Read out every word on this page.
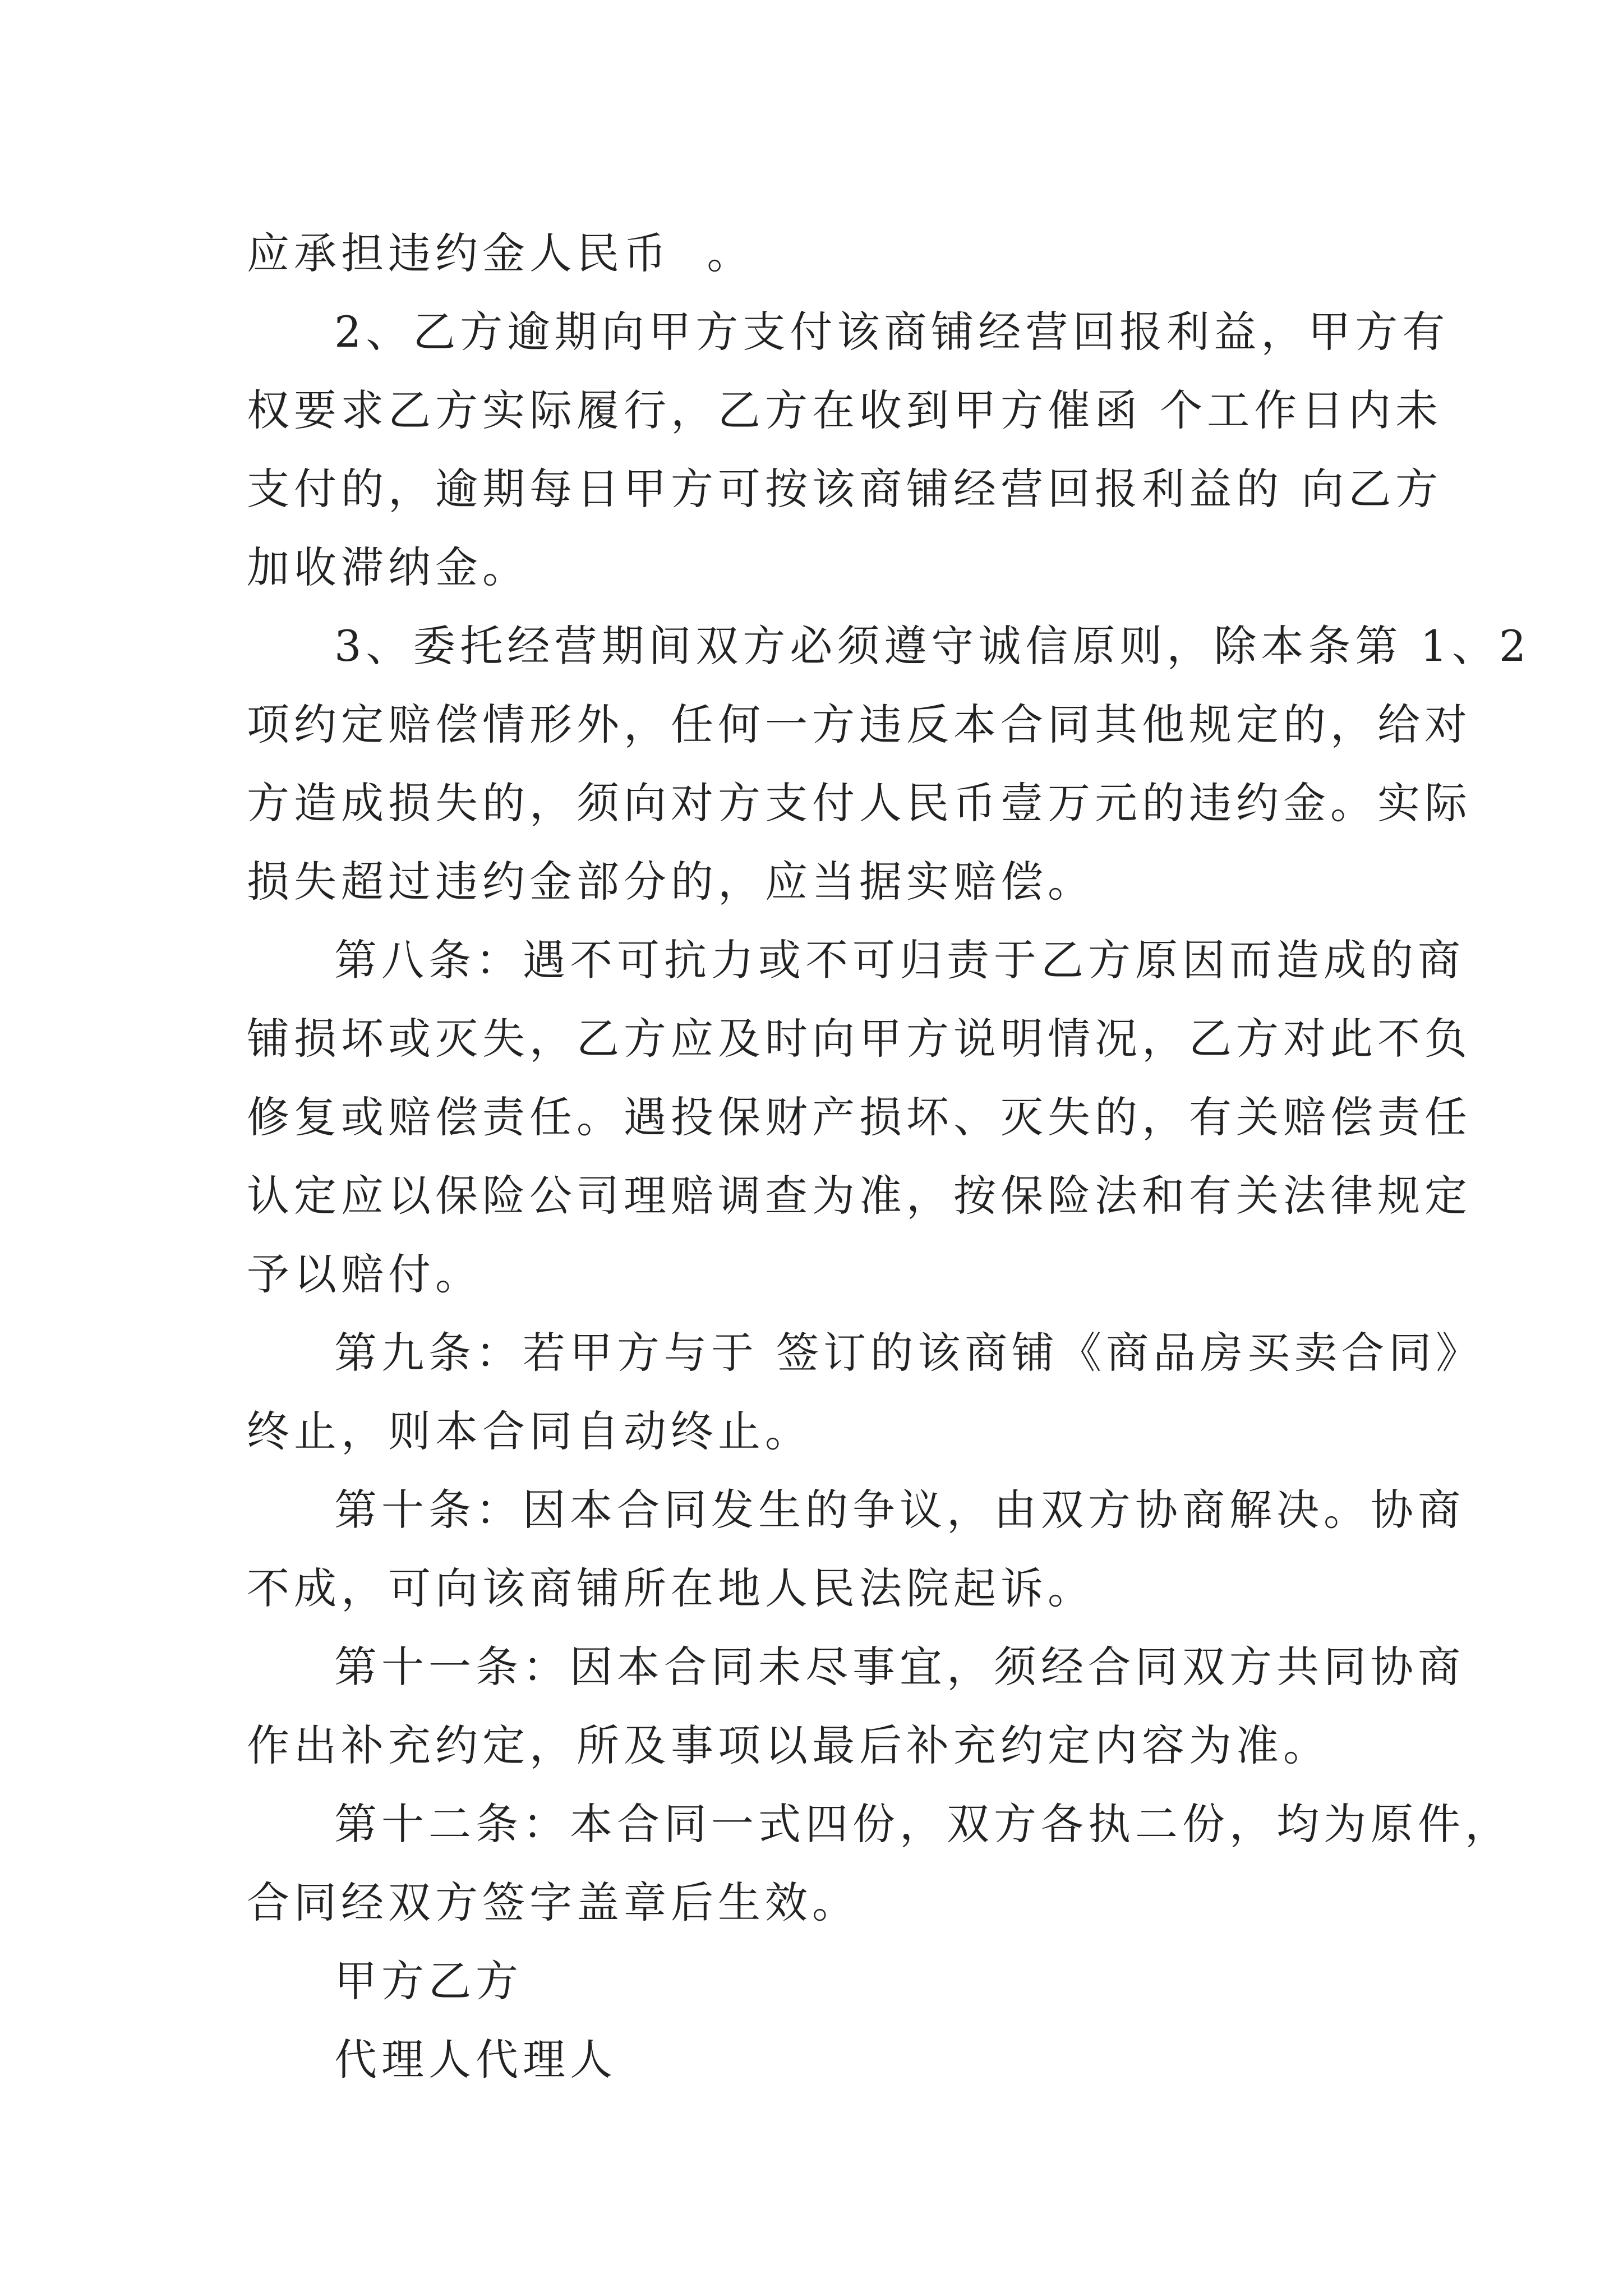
应承担违约金人民币  。
2、乙方逾期向甲方支付该商铺经营回报利益，甲方有
权要求乙方实际履行，乙方在收到甲方催函 个工作日内未
支付的，逾期每日甲方可按该商铺经营回报利益的 向乙方
加收滞纳金。
3、委托经营期间双方必须遵守诚信原则，除本条第 1、2
项约定赔偿情形外，任何一方违反本合同其他规定的，给对
方造成损失的，须向对方支付人民币壹万元的违约金。实际
损失超过违约金部分的，应当据实赔偿。
第八条：遇不可抗力或不可归责于乙方原因而造成的商
铺损坏或灭失，乙方应及时向甲方说明情况，乙方对此不负
修复或赔偿责任。遇投保财产损坏、灭失的，有关赔偿责任
认定应以保险公司理赔调查为准，按保险法和有关法律规定
予以赔付。
第九条：若甲方与于 签订的该商铺《商品房买卖合同》
终止，则本合同自动终止。
第十条：因本合同发生的争议，由双方协商解决。协商
不成，可向该商铺所在地人民法院起诉。
第十一条：因本合同未尽事宜，须经合同双方共同协商
作出补充约定，所及事项以最后补充约定内容为准。
第十二条：本合同一式四份，双方各执二份，均为原件，
合同经双方签字盖章后生效。
甲方乙方
代理人代理人
